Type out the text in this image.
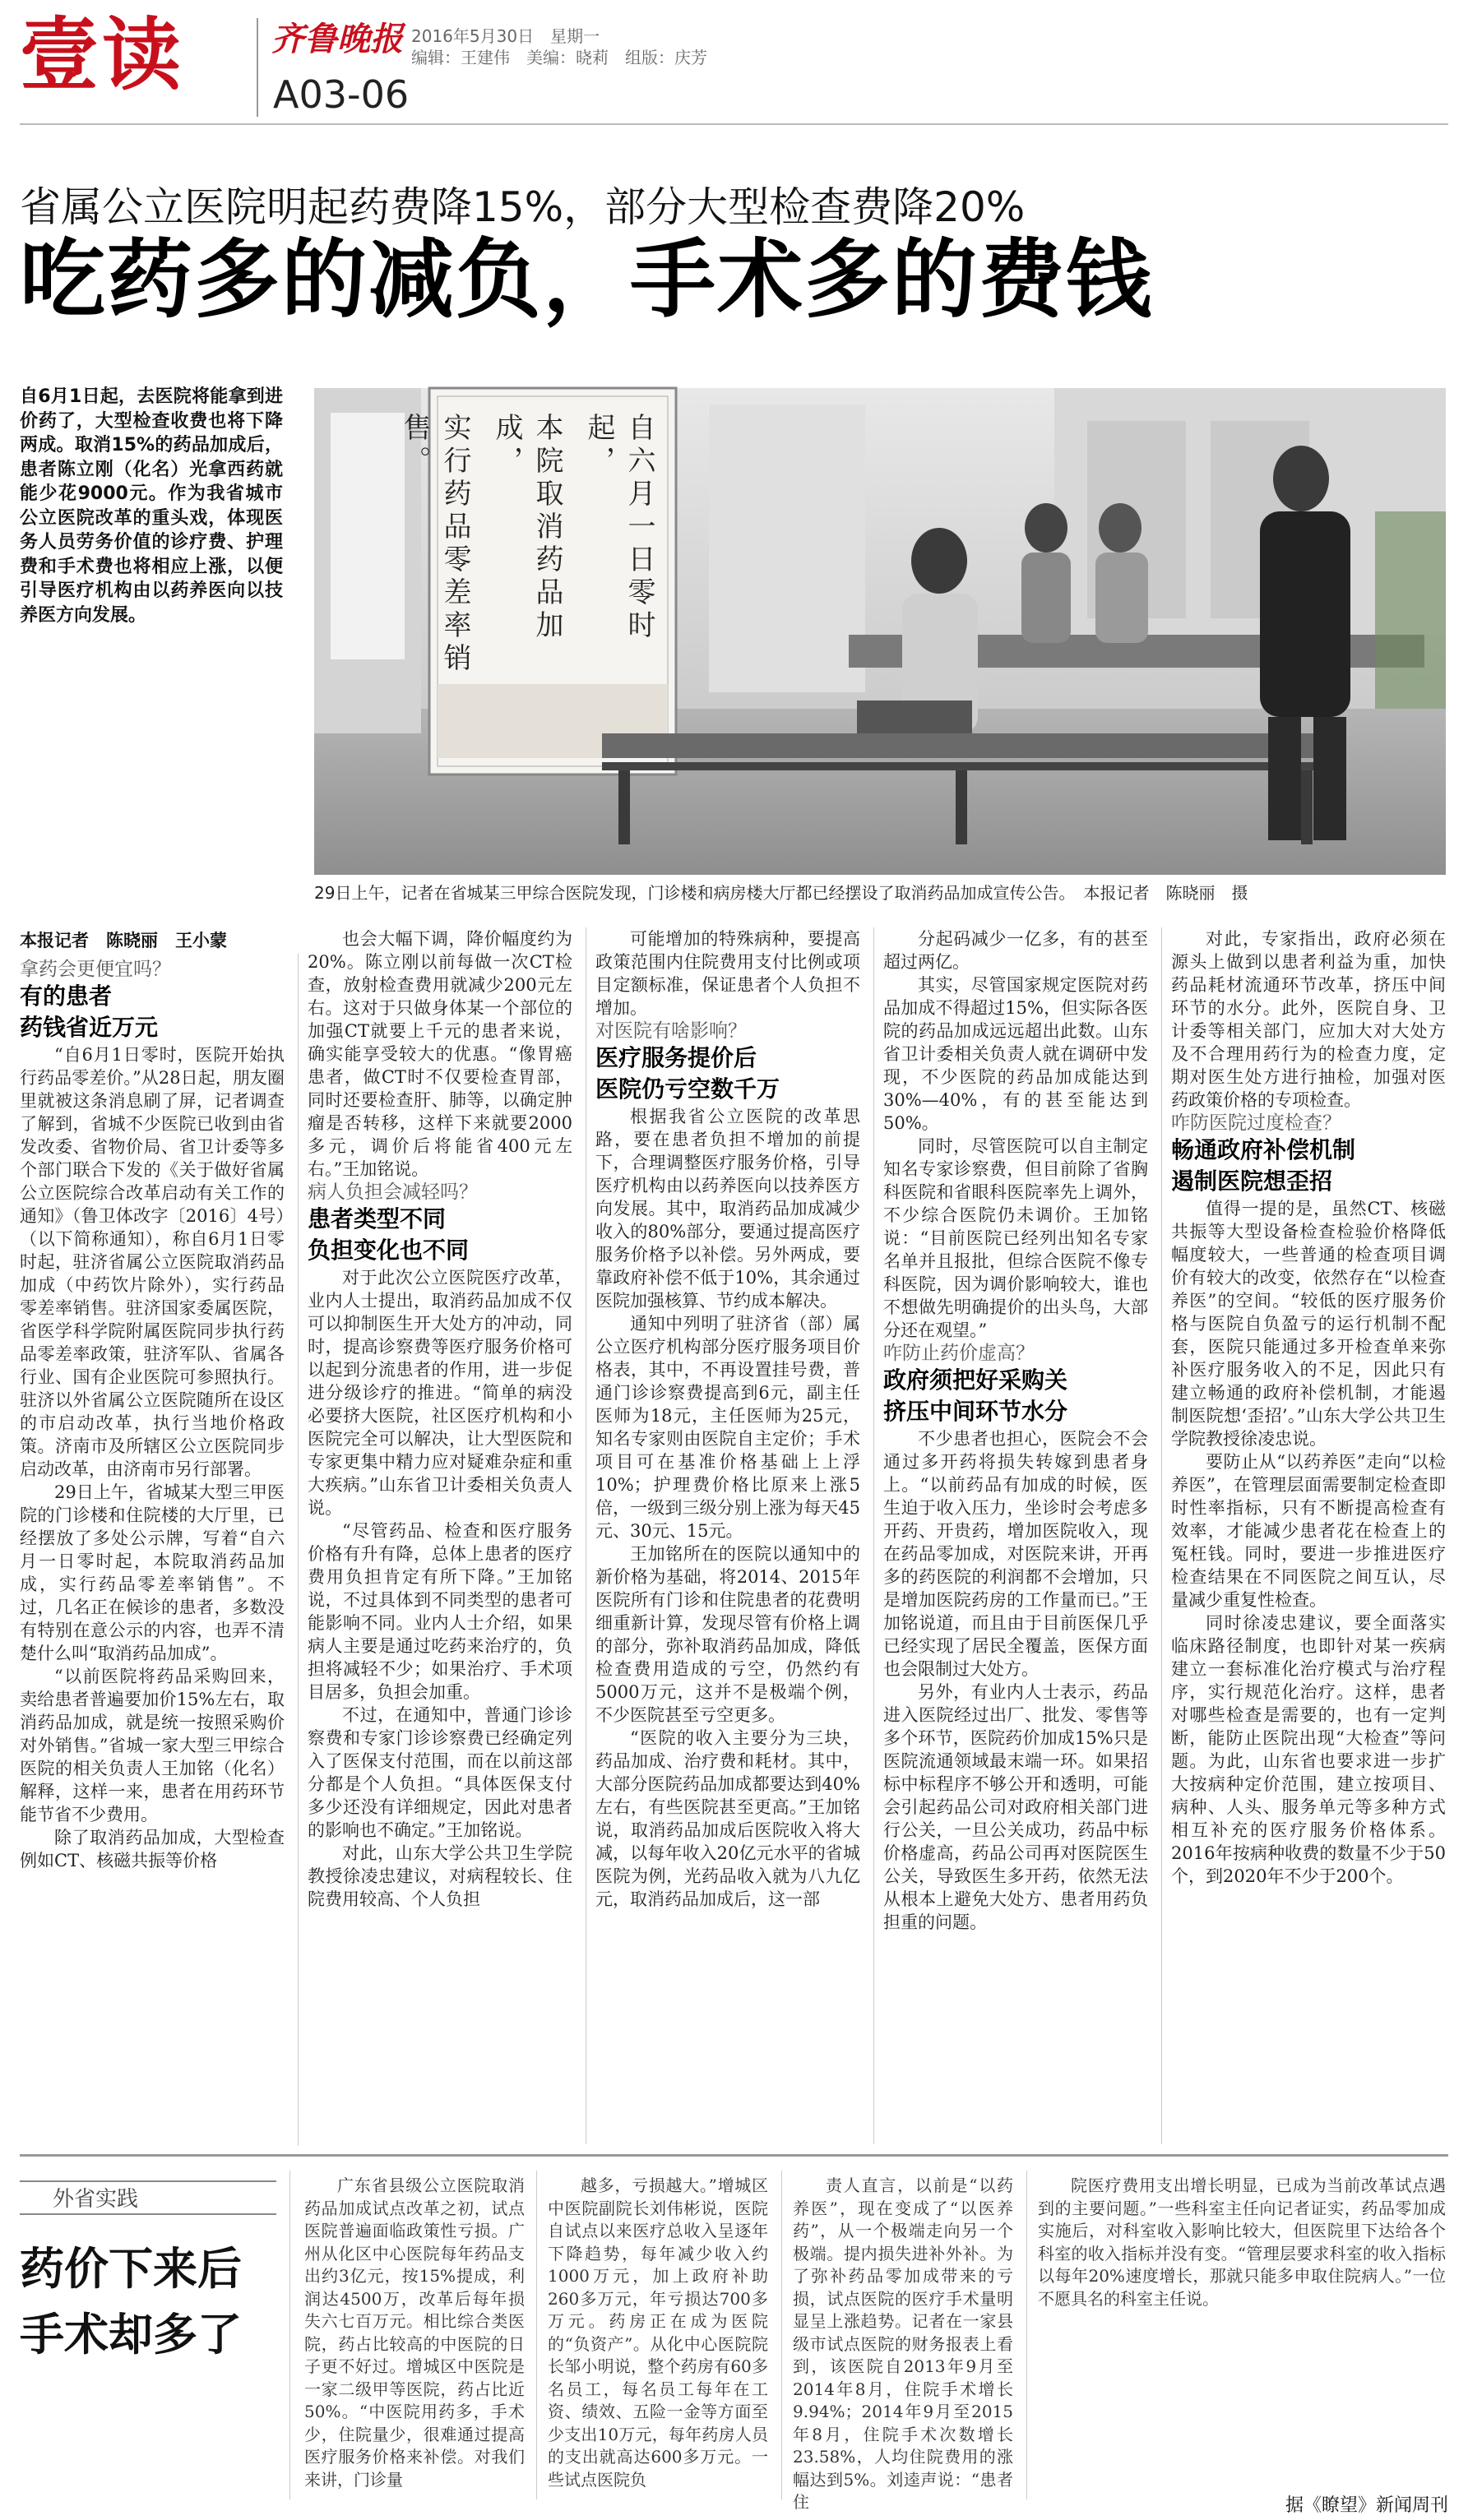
壹读	齐鲁晚报
A03-06
2016年5月30日　星期一
编辑：王建伟　美编：晓莉　组版：庆芳
省属公立医院明起药费降15%，部分大型检查费降20%
吃药多的减负，手术多的费钱
自6月1日起，去医院将能拿到进价药了，大型检查收费也将下降两成。取消15%的药品加成后，患者陈立刚（化名）光拿西药就能少花9000元。作为我省城市公立医院改革的重头戏，体现医务人员劳务价值的诊疗费、护理费和手术费也将相应上涨，以便引导医疗机构由以药养医向以技养医方向发展。	自六月一日零时起，
本院取消药品加成，
实行药品零差率销售。
29日上午，记者在省城某三甲综合医院发现，门诊楼和病房楼大厅都已经摆设了取消药品加成宣传公告。　本报记者　陈晓丽　摄
本报记者　陈晓丽　王小蒙

拿药会更便宜吗？

有的患者
药钱省近万元

“自6月1日零时，医院开始执行药品零差价。”从28日起，朋友圈里就被这条消息刷了屏，记者调查了解到，省城不少医院已收到由省发改委、省物价局、省卫计委等多个部门联合下发的《关于做好省属公立医院综合改革启动有关工作的通知》（鲁卫体改字〔2016〕4号）（以下简称通知），称自6月1日零时起，驻济省属公立医院取消药品加成（中药饮片除外），实行药品零差率销售。驻济国家委属医院，省医学科学院附属医院同步执行药品零差率政策，驻济军队、省属各行业、国有企业医院可参照执行。驻济以外省属公立医院随所在设区的市启动改革，执行当地价格政策。济南市及所辖区公立医院同步启动改革，由济南市另行部署。

29日上午，省城某大型三甲医院的门诊楼和住院楼的大厅里，已经摆放了多处公示牌，写着“自六月一日零时起，本院取消药品加成，实行药品零差率销售”。不过，几名正在候诊的患者，多数没有特别在意公示的内容，也弄不清楚什么叫“取消药品加成”。

“以前医院将药品采购回来，卖给患者普遍要加价15%左右，取消药品加成，就是统一按照采购价对外销售。”省城一家大型三甲综合医院的相关负责人王加铭（化名）解释，这样一来，患者在用药环节能节省不少费用。

除了取消药品加成，大型检查例如CT、核磁共振等价格

也会大幅下调，降价幅度约为20%。陈立刚以前每做一次CT检查，放射检查费用就减少200元左右。这对于只做身体某一个部位的加强CT就要上千元的患者来说，确实能享受较大的优惠。“像胃癌患者，做CT时不仅要检查胃部，同时还要检查肝、肺等，以确定肿瘤是否转移，这样下来就要2000多元，调价后将能省400元左右。”王加铭说。

病人负担会减轻吗？

患者类型不同
负担变化也不同

对于此次公立医院医疗改革，业内人士提出，取消药品加成不仅可以抑制医生开大处方的冲动，同时，提高诊察费等医疗服务价格可以起到分流患者的作用，进一步促进分级诊疗的推进。“简单的病没必要挤大医院，社区医疗机构和小医院完全可以解决，让大型医院和专家更集中精力应对疑难杂症和重大疾病。”山东省卫计委相关负责人说。

“尽管药品、检查和医疗服务价格有升有降，总体上患者的医疗费用负担肯定有所下降。”王加铭说，不过具体到不同类型的患者可能影响不同。业内人士介绍，如果病人主要是通过吃药来治疗的，负担将减轻不少；如果治疗、手术项目居多，负担会加重。

不过，在通知中，普通门诊诊察费和专家门诊诊察费已经确定列入了医保支付范围，而在以前这部分都是个人负担。“具体医保支付多少还没有详细规定，因此对患者的影响也不确定。”王加铭说。

对此，山东大学公共卫生学院教授徐凌忠建议，对病程较长、住院费用较高、个人负担

可能增加的特殊病种，要提高政策范围内住院费用支付比例或项目定额标准，保证患者个人负担不增加。

对医院有啥影响？

医疗服务提价后
医院仍亏空数千万

根据我省公立医院的改革思路，要在患者负担不增加的前提下，合理调整医疗服务价格，引导医疗机构由以药养医向以技养医方向发展。其中，取消药品加成减少收入的80%部分，要通过提高医疗服务价格予以补偿。另外两成，要靠政府补偿不低于10%，其余通过医院加强核算、节约成本解决。

通知中列明了驻济省（部）属公立医疗机构部分医疗服务项目价格表，其中，不再设置挂号费，普通门诊诊察费提高到6元，副主任医师为18元，主任医师为25元，知名专家则由医院自主定价；手术项目可在基准价格基础上上浮10%；护理费价格比原来上涨5倍，一级到三级分别上涨为每天45元、30元、15元。

王加铭所在的医院以通知中的新价格为基础，将2014、2015年医院所有门诊和住院患者的花费明细重新计算，发现尽管有价格上调的部分，弥补取消药品加成，降低检查费用造成的亏空，仍然约有5000万元，这并不是极端个例，不少医院甚至亏空更多。

“医院的收入主要分为三块，药品加成、治疗费和耗材。其中，大部分医院药品加成都要达到40%左右，有些医院甚至更高。”王加铭说，取消药品加成后医院收入将大减，以每年收入20亿元水平的省城医院为例，光药品收入就为八九亿元，取消药品加成后，这一部

分起码减少一亿多，有的甚至超过两亿。

其实，尽管国家规定医院对药品加成不得超过15%，但实际各医院的药品加成远远超出此数。山东省卫计委相关负责人就在调研中发现，不少医院的药品加成能达到30%—40%，有的甚至能达到50%。

同时，尽管医院可以自主制定知名专家诊察费，但目前除了省胸科医院和省眼科医院率先上调外，不少综合医院仍未调价。王加铭说：“目前医院已经列出知名专家名单并且报批，但综合医院不像专科医院，因为调价影响较大，谁也不想做先明确提价的出头鸟，大部分还在观望。”

咋防止药价虚高？

政府须把好采购关
挤压中间环节水分

不少患者也担心，医院会不会通过多开药将损失转嫁到患者身上。“以前药品有加成的时候，医生迫于收入压力，坐诊时会考虑多开药、开贵药，增加医院收入，现在药品零加成，对医院来讲，开再多的药医院的利润都不会增加，只是增加医院药房的工作量而已。”王加铭说道，而且由于目前医保几乎已经实现了居民全覆盖，医保方面也会限制过大处方。

另外，有业内人士表示，药品进入医院经过出厂、批发、零售等多个环节，医院药价加成15%只是医院流通领域最末端一环。如果招标中标程序不够公开和透明，可能会引起药品公司对政府相关部门进行公关，一旦公关成功，药品中标价格虚高，药品公司再对医院医生公关，导致医生多开药，依然无法从根本上避免大处方、患者用药负担重的问题。

对此，专家指出，政府必须在源头上做到以患者利益为重，加快药品耗材流通环节改革，挤压中间环节的水分。此外，医院自身、卫计委等相关部门，应加大对大处方及不合理用药行为的检查力度，定期对医生处方进行抽检，加强对医药政策价格的专项检查。

咋防医院过度检查？

畅通政府补偿机制
遏制医院想歪招

值得一提的是，虽然CT、核磁共振等大型设备检查检验价格降低幅度较大，一些普通的检查项目调价有较大的改变，依然存在“以检查养医”的空间。“较低的医疗服务价格与医院自负盈亏的运行机制不配套，医院只能通过多开检查单来弥补医疗服务收入的不足，因此只有建立畅通的政府补偿机制，才能遏制医院想‘歪招’。”山东大学公共卫生学院教授徐凌忠说。

要防止从“以药养医”走向“以检养医”，在管理层面需要制定检查即时性率指标，只有不断提高检查有效率，才能减少患者花在检查上的冤枉钱。同时，要进一步推进医疗检查结果在不同医院之间互认，尽量减少重复性检查。

同时徐凌忠建议，要全面落实临床路径制度，也即针对某一疾病建立一套标准化治疗模式与治疗程序，实行规范化治疗。这样，患者对哪些检查是需要的，也有一定判断，能防止医院出现“大检查”等问题。为此，山东省也要求进一步扩大按病种定价范围，建立按项目、病种、人头、服务单元等多种方式相互补充的医疗服务价格体系。2016年按病种收费的数量不少于50个，到2020年不少于200个。

外省实践
药价下来后
手术却多了

广东省县级公立医院取消药品加成试点改革之初，试点医院普遍面临政策性亏损。广州从化区中心医院每年药品支出约3亿元，按15%提成，利润达4500万，改革后每年损失六七百万元。相比综合类医院，药占比较高的中医院的日子更不好过。增城区中医院是一家二级甲等医院，药占比近50%。“中医院用药多，手术少，住院量少，很难通过提高医疗服务价格来补偿。对我们来讲，门诊量

越多，亏损越大。”增城区中医院副院长刘伟彬说，医院自试点以来医疗总收入呈逐年下降趋势，每年减少收入约1000万元，加上政府补助260多万元，年亏损达700多万元。药房正在成为医院的“负资产”。从化中心医院院长邹小明说，整个药房有60多名员工，每名员工每年在工资、绩效、五险一金等方面至少支出10万元，每年药房人员的支出就高达600多万元。一些试点医院负

责人直言，以前是“以药养医”，现在变成了“以医养药”，从一个极端走向另一个极端。提内损失进补外补。为了弥补药品零加成带来的亏损，试点医院的医疗手术量明显呈上涨趋势。记者在一家县级市试点医院的财务报表上看到，该医院自2013年9月至2014年8月，住院手术增长9.94%；2014年9月至2015年8月，住院手术次数增长23.58%，人均住院费用的涨幅达到5%。刘逵声说：“患者住

院医疗费用支出增长明显，已成为当前改革试点遇到的主要问题。”一些科室主任向记者证实，药品零加成实施后，对科室收入影响比较大，但医院里下达给各个科室的收入指标并没有变。“管理层要求科室的收入指标以每年20%速度增长，那就只能多申取住院病人。”一位不愿具名的科室主任说。

据《瞭望》新闻周刊
